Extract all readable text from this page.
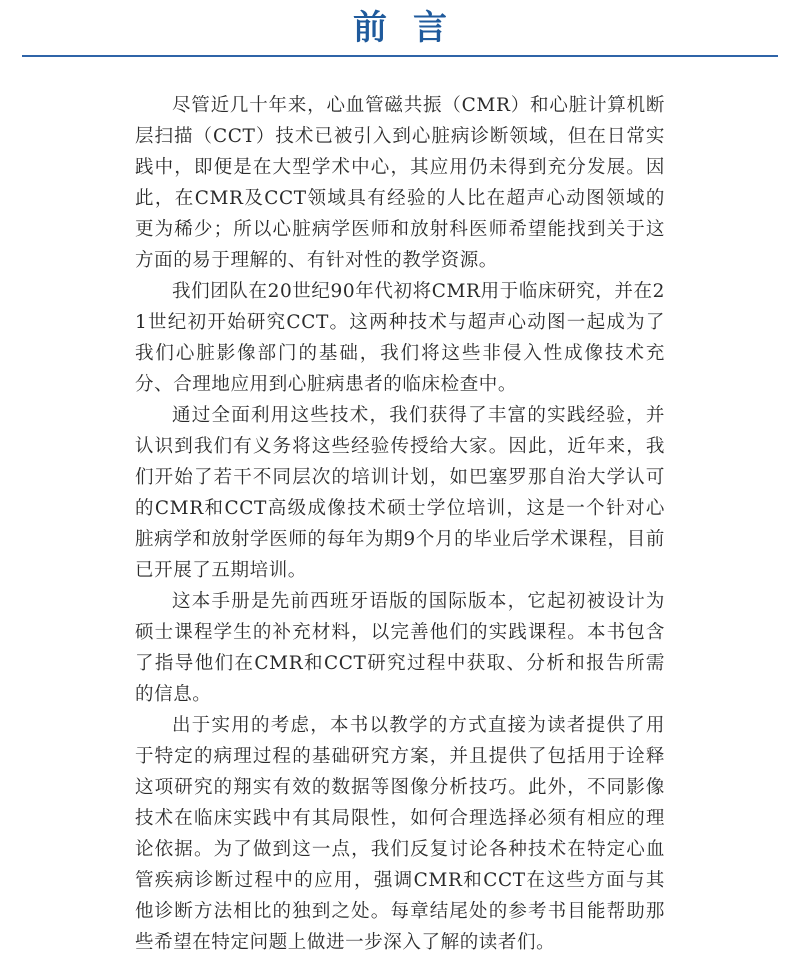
前言

尽管近几十年来，心血管磁共振（CMR）和心脏计算机断层扫描（CCT）技术已被引入到心脏病诊断领域，但在日常实践中，即便是在大型学术中心，其应用仍未得到充分发展。因此，在CMR及CCT领域具有经验的人比在超声心动图领域的更为稀少；所以心脏病学医师和放射科医师希望能找到关于这方面的易于理解的、有针对性的教学资源。

我们团队在20世纪90年代初将CMR用于临床研究，并在21世纪初开始研究CCT。这两种技术与超声心动图一起成为了我们心脏影像部门的基础，我们将这些非侵入性成像技术充分、合理地应用到心脏病患者的临床检查中。

通过全面利用这些技术，我们获得了丰富的实践经验，并认识到我们有义务将这些经验传授给大家。因此，近年来，我们开始了若干不同层次的培训计划，如巴塞罗那自治大学认可的CMR和CCT高级成像技术硕士学位培训，这是一个针对心脏病学和放射学医师的每年为期9个月的毕业后学术课程，目前已开展了五期培训。

这本手册是先前西班牙语版的国际版本，它起初被设计为硕士课程学生的补充材料，以完善他们的实践课程。本书包含了指导他们在CMR和CCT研究过程中获取、分析和报告所需的信息。

出于实用的考虑，本书以教学的方式直接为读者提供了用于特定的病理过程的基础研究方案，并且提供了包括用于诠释这项研究的翔实有效的数据等图像分析技巧。此外，不同影像技术在临床实践中有其局限性，如何合理选择必须有相应的理论依据。为了做到这一点，我们反复讨论各种技术在特定心血管疾病诊断过程中的应用，强调CMR和CCT在这些方面与其他诊断方法相比的独到之处。每章结尾处的参考书目能帮助那些希望在特定问题上做进一步深入了解的读者们。
